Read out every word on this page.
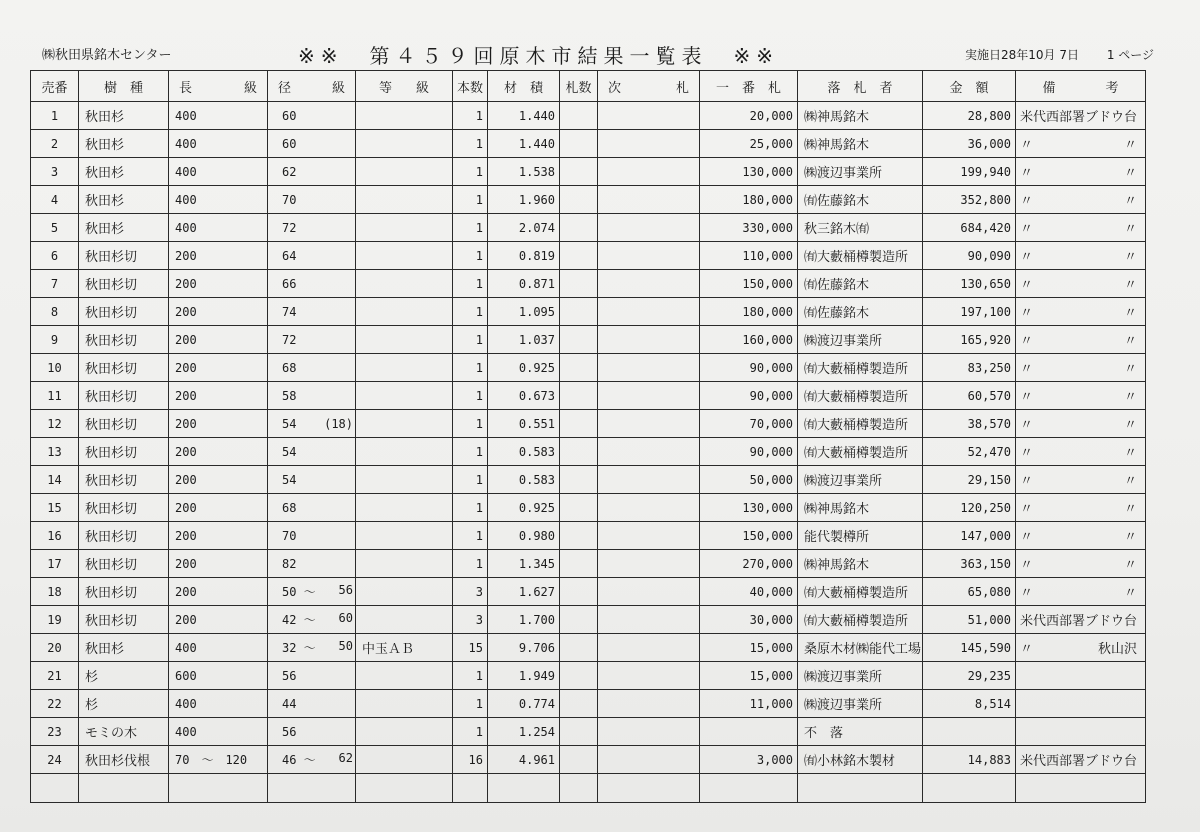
㈱秋田県銘木センター	※※　第４５９回原木市結果一覧表　※※	実施日28年10月 7日 1 ページ
売番	樹　種	長 級	径 級	等 級	本数	材　積	札数	次 札	一　番　札	落　札　者	金　額	備 考

1	秋田杉	400	60		1	1.440			20,000	㈱神馬銘木	28,800	米代西部署 ブドウ台

2	秋田杉	400	60		1	1.440			25,000	㈱神馬銘木	36,000	〃 〃

3	秋田杉	400	62		1	1.538			130,000	㈱渡辺事業所	199,940	〃 〃

4	秋田杉	400	70		1	1.960			180,000	㈲佐藤銘木	352,800	〃 〃

5	秋田杉	400	72		1	2.074			330,000	秋三銘木㈲	684,420	〃 〃

6	秋田杉切	200	64		1	0.819			110,000	㈲大藪桶樽製造所	90,090	〃 〃

7	秋田杉切	200	66		1	0.871			150,000	㈲佐藤銘木	130,650	〃 〃

8	秋田杉切	200	74		1	1.095			180,000	㈲佐藤銘木	197,100	〃 〃

9	秋田杉切	200	72		1	1.037			160,000	㈱渡辺事業所	165,920	〃 〃

10	秋田杉切	200	68		1	0.925			90,000	㈲大藪桶樽製造所	83,250	〃 〃

11	秋田杉切	200	58		1	0.673			90,000	㈲大藪桶樽製造所	60,570	〃 〃

12	秋田杉切	200	54 (18)		1	0.551			70,000	㈲大藪桶樽製造所	38,570	〃 〃

13	秋田杉切	200	54		1	0.583			90,000	㈲大藪桶樽製造所	52,470	〃 〃

14	秋田杉切	200	54		1	0.583			50,000	㈱渡辺事業所	29,150	〃 〃

15	秋田杉切	200	68		1	0.925			130,000	㈱神馬銘木	120,250	〃 〃

16	秋田杉切	200	70		1	0.980			150,000	能代製樽所	147,000	〃 〃

17	秋田杉切	200	82		1	1.345			270,000	㈱神馬銘木	363,150	〃 〃

18	秋田杉切	200	50 ～ 56		3	1.627			40,000	㈲大藪桶樽製造所	65,080	〃 〃

19	秋田杉切	200	42 ～ 60		3	1.700			30,000	㈲大藪桶樽製造所	51,000	米代西部署 ブドウ台

20	秋田杉	400	32 ～ 50	中玉ＡＢ	15	9.706			15,000	桑原木材㈱能代工場	145,590	〃 秋山沢

21	杉	600	56		1	1.949			15,000	㈱渡辺事業所	29,235	

22	杉	400	44		1	0.774			11,000	㈱渡辺事業所	8,514	

23	モミの木	400	56		1	1.254				不　落		

24	秋田杉伐根	70　～　120	46 ～ 62		16	4.961			3,000	㈲小林銘木製材	14,883	米代西部署 ブドウ台
